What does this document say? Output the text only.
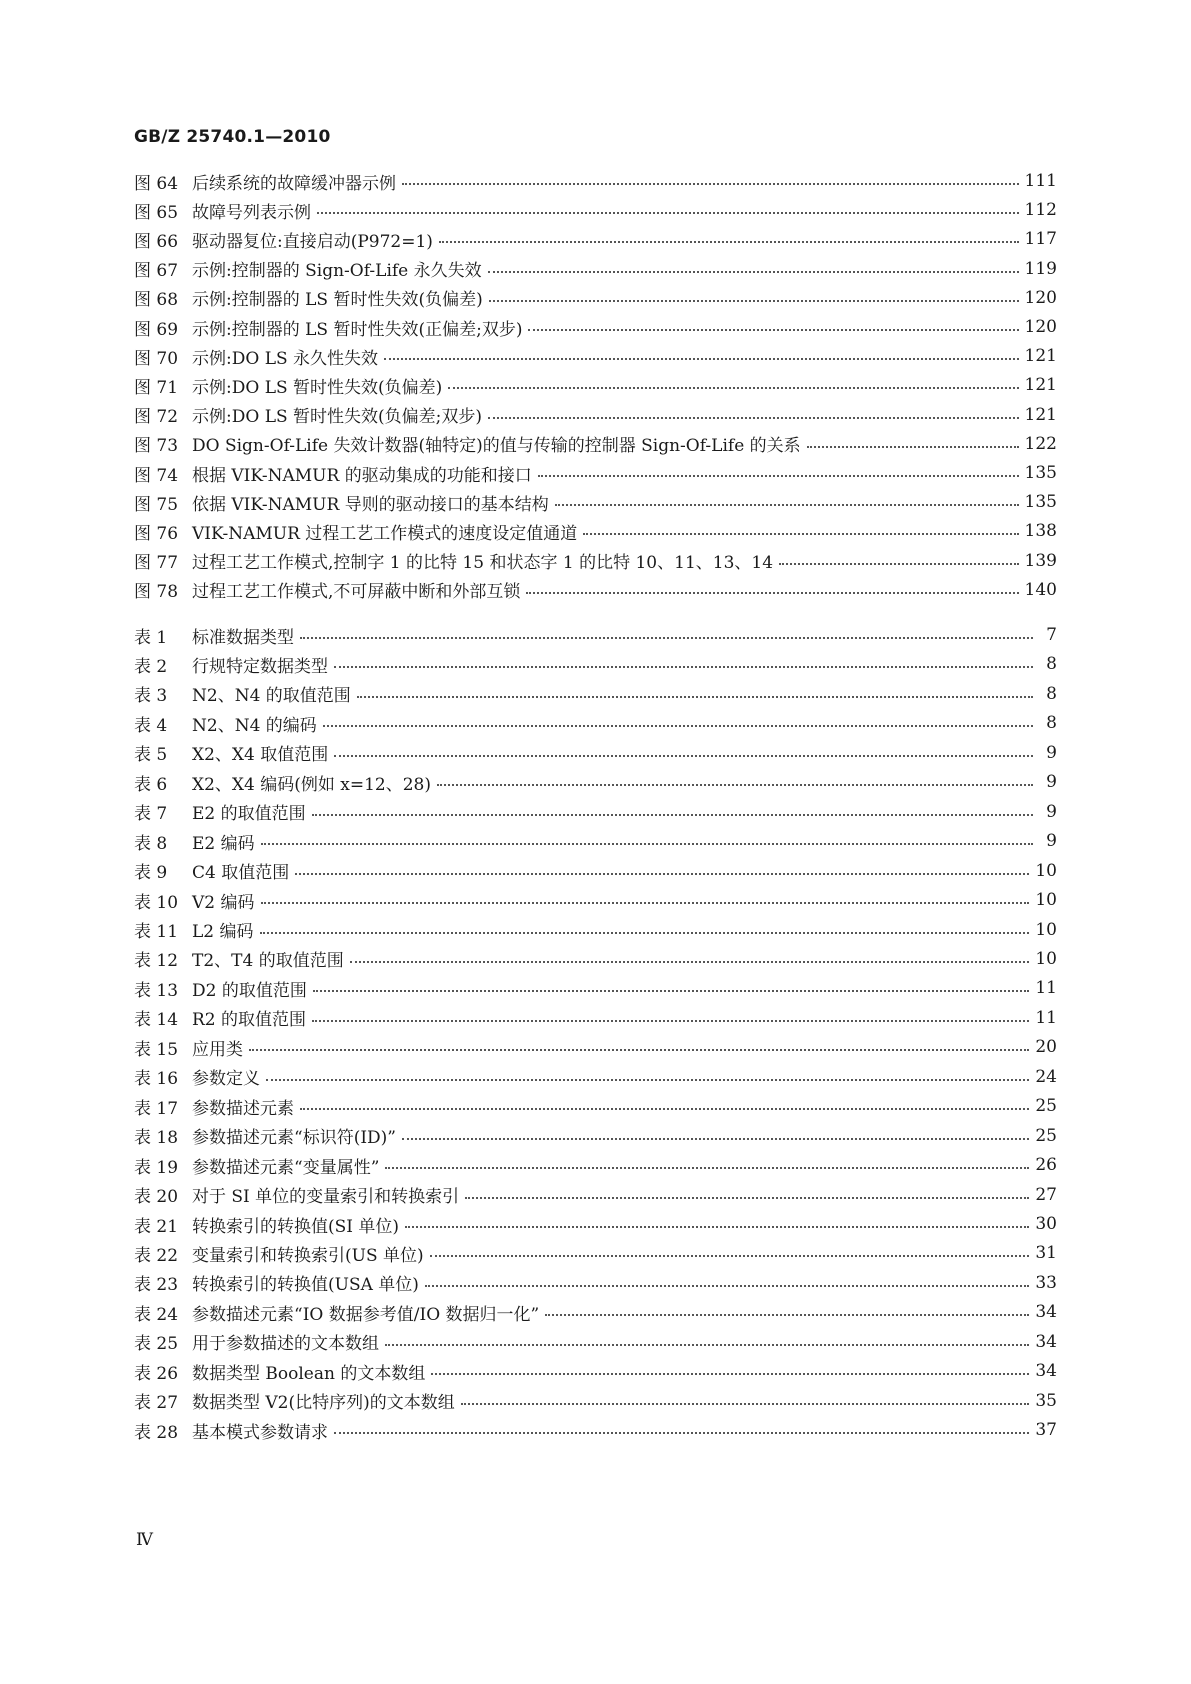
GB/Z 25740.1—2010
图 64 后续系统的故障缓冲器示例	111
图 65 故障号列表示例	112
图 66 驱动器复位:直接启动(P972=1)	117
图 67 示例:控制器的 Sign-Of-Life 永久失效	119
图 68 示例:控制器的 LS 暂时性失效(负偏差)	120
图 69 示例:控制器的 LS 暂时性失效(正偏差;双步)	120
图 70 示例:DO LS 永久性失效	121
图 71 示例:DO LS 暂时性失效(负偏差)	121
图 72 示例:DO LS 暂时性失效(负偏差;双步)	121
图 73 DO Sign-Of-Life 失效计数器(轴特定)的值与传输的控制器 Sign-Of-Life 的关系	122
图 74 根据 VIK-NAMUR 的驱动集成的功能和接口	135
图 75 依据 VIK-NAMUR 导则的驱动接口的基本结构	135
图 76 VIK-NAMUR 过程工艺工作模式的速度设定值通道	138
图 77 过程工艺工作模式,控制字 1 的比特 15 和状态字 1 的比特 10、11、13、14	139
图 78 过程工艺工作模式,不可屏蔽中断和外部互锁	140
表 1 标准数据类型	7
表 2 行规特定数据类型	8
表 3 N2、N4 的取值范围	8
表 4 N2、N4 的编码	8
表 5 X2、X4 取值范围	9
表 6 X2、X4 编码(例如 x=12、28)	9
表 7 E2 的取值范围	9
表 8 E2 编码	9
表 9 C4 取值范围	10
表 10 V2 编码	10
表 11 L2 编码	10
表 12 T2、T4 的取值范围	10
表 13 D2 的取值范围	11
表 14 R2 的取值范围	11
表 15 应用类	20
表 16 参数定义	24
表 17 参数描述元素	25
表 18 参数描述元素“标识符(ID)”	25
表 19 参数描述元素“变量属性”	26
表 20 对于 SI 单位的变量索引和转换索引	27
表 21 转换索引的转换值(SI 单位)	30
表 22 变量索引和转换索引(US 单位)	31
表 23 转换索引的转换值(USA 单位)	33
表 24 参数描述元素“IO 数据参考值/IO 数据归一化”	34
表 25 用于参数描述的文本数组	34
表 26 数据类型 Boolean 的文本数组	34
表 27 数据类型 V2(比特序列)的文本数组	35
表 28 基本模式参数请求	37
Ⅳ
